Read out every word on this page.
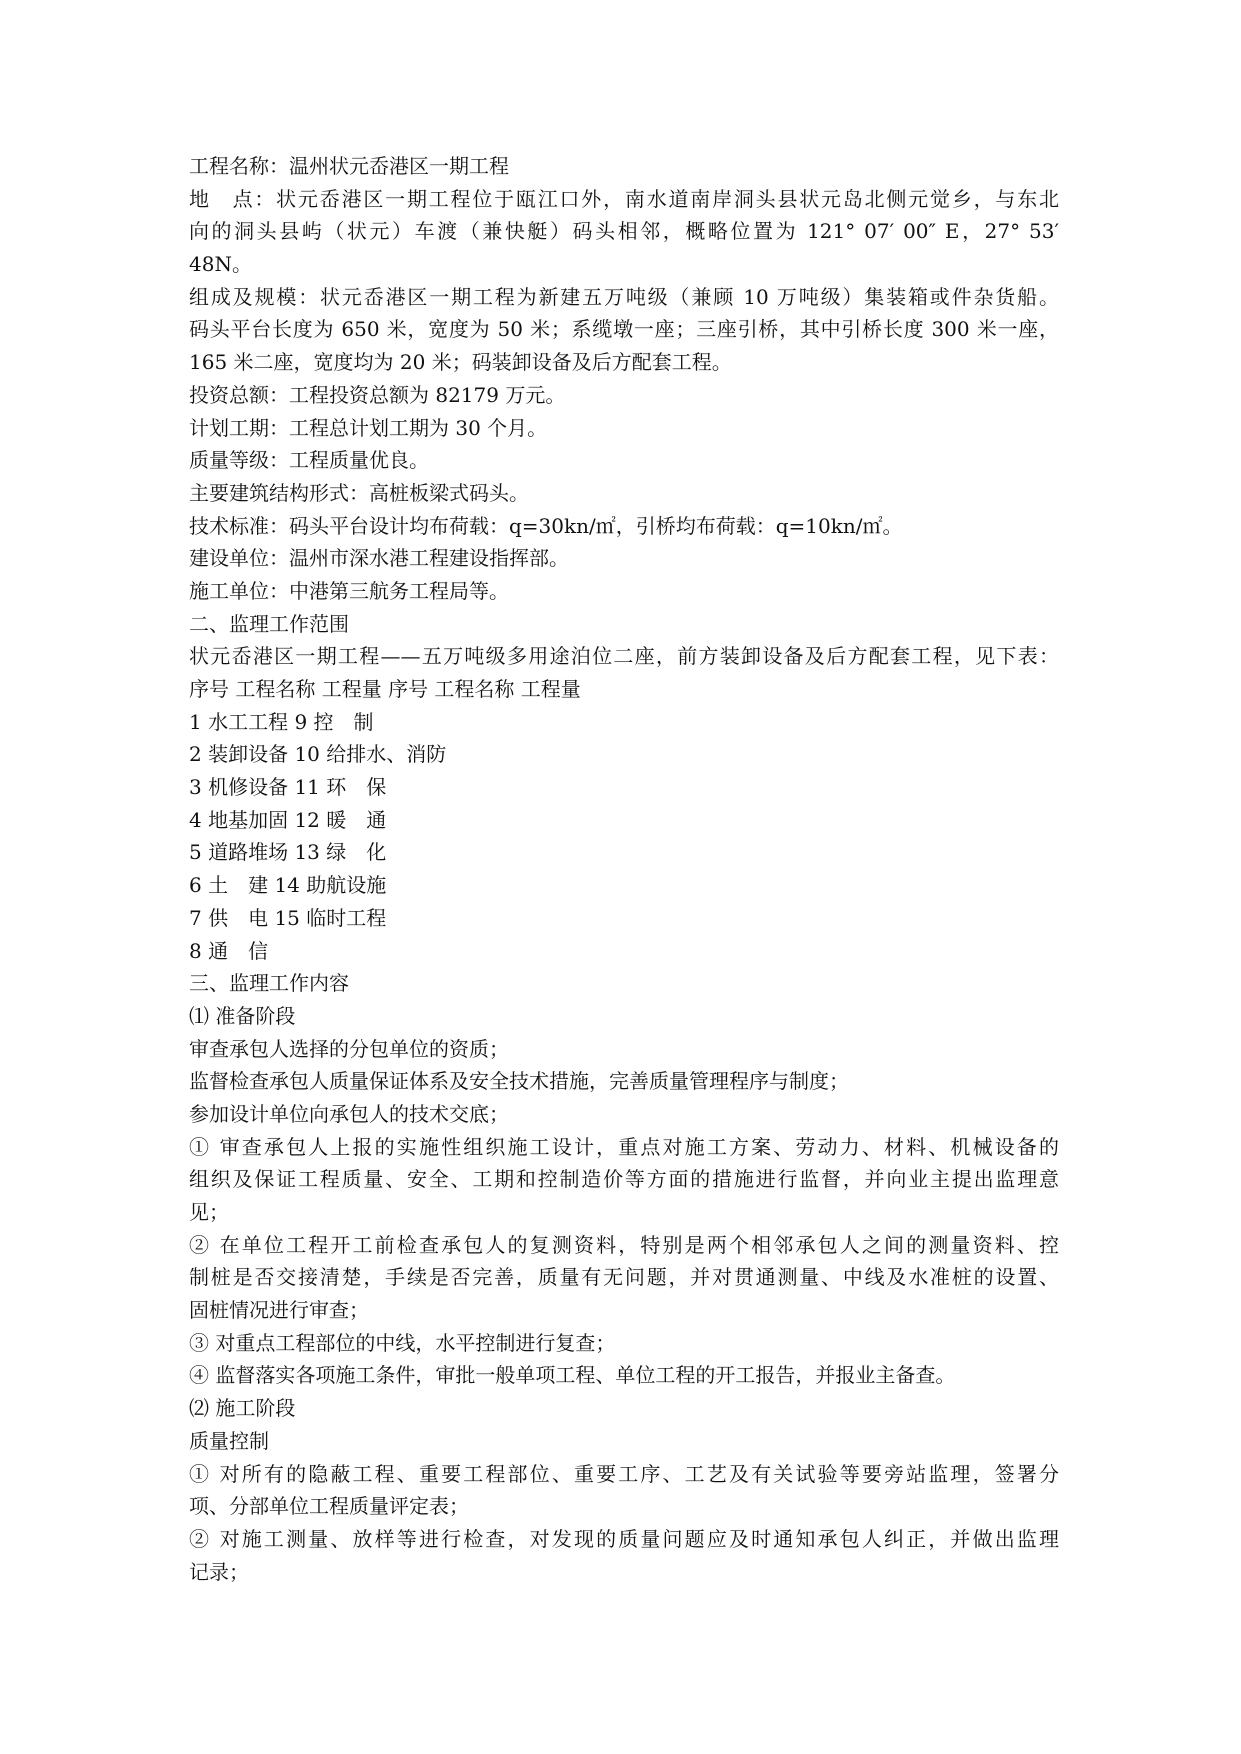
工程名称：温州状元岙港区一期工程
地　点：状元岙港区一期工程位于瓯江口外，南水道南岸洞头县状元岛北侧元觉乡，与东北
向的洞头县屿（状元）车渡（兼快艇）码头相邻，概略位置为 121° 07′ 00″ E，27° 53′
48N。
组成及规模：状元岙港区一期工程为新建五万吨级（兼顾 10 万吨级）集装箱或件杂货船。
码头平台长度为 650 米，宽度为 50 米；系缆墩一座；三座引桥，其中引桥长度 300 米一座，
165 米二座，宽度均为 20 米；码装卸设备及后方配套工程。
投资总额：工程投资总额为 82179 万元。
计划工期：工程总计划工期为 30 个月。
质量等级：工程质量优良。
主要建筑结构形式：高桩板梁式码头。
技术标准：码头平台设计均布荷载：q=30kn/㎡，引桥均布荷载：q=10kn/㎡。
建设单位：温州市深水港工程建设指挥部。
施工单位：中港第三航务工程局等。
二、监理工作范围
状元岙港区一期工程——五万吨级多用途泊位二座，前方装卸设备及后方配套工程，见下表：
序号 工程名称 工程量 序号 工程名称 工程量
1 水工工程 9 控　制
2 装卸设备 10 给排水、消防
3 机修设备 11 环　保
4 地基加固 12 暖　通
5 道路堆场 13 绿　化
6 土　建 14 助航设施
7 供　电 15 临时工程
8 通　信
三、监理工作内容
⑴ 准备阶段
审查承包人选择的分包单位的资质；
监督检查承包人质量保证体系及安全技术措施，完善质量管理程序与制度；
参加设计单位向承包人的技术交底；
① 审查承包人上报的实施性组织施工设计，重点对施工方案、劳动力、材料、机械设备的
组织及保证工程质量、安全、工期和控制造价等方面的措施进行监督，并向业主提出监理意
见；
② 在单位工程开工前检查承包人的复测资料，特别是两个相邻承包人之间的测量资料、控
制桩是否交接清楚，手续是否完善，质量有无问题，并对贯通测量、中线及水准桩的设置、
固桩情况进行审查；
③ 对重点工程部位的中线，水平控制进行复查；
④ 监督落实各项施工条件，审批一般单项工程、单位工程的开工报告，并报业主备查。
⑵ 施工阶段
质量控制
① 对所有的隐蔽工程、重要工程部位、重要工序、工艺及有关试验等要旁站监理，签署分
项、分部单位工程质量评定表；
② 对施工测量、放样等进行检查，对发现的质量问题应及时通知承包人纠正，并做出监理
记录；
